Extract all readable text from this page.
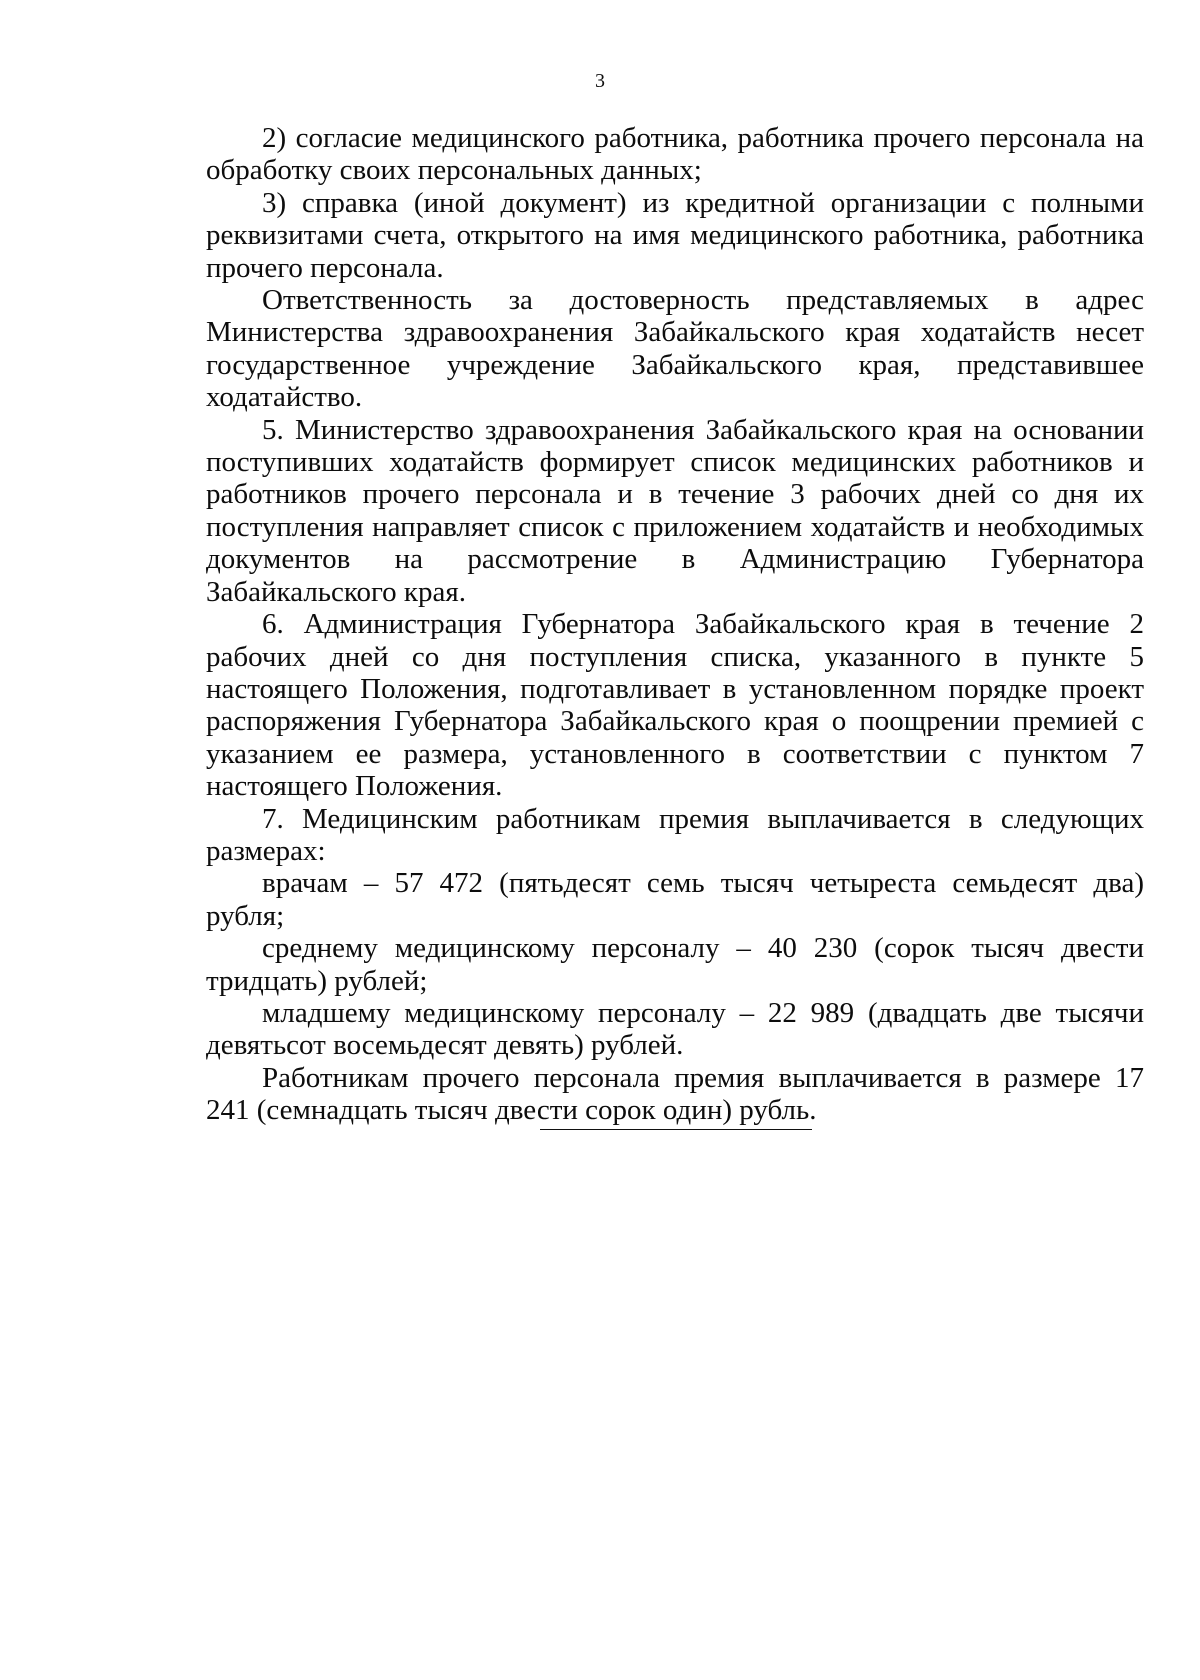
3

2) согласие медицинского работника, работника прочего персонала на обработку своих персональных данных;

3) справка (иной документ) из кредитной организации с полными реквизитами счета, открытого на имя медицинского работника, работника прочего персонала.

Ответственность за достоверность представляемых в адрес Министерства здравоохранения Забайкальского края ходатайств несет государственное учреждение Забайкальского края, представившее ходатайство.

5. Министерство здравоохранения Забайкальского края на основании поступивших ходатайств формирует список медицинских работников и работников прочего персонала и в течение 3 рабочих дней со дня их поступления направляет список с приложением ходатайств и необходимых документов на рассмотрение в Администрацию Губернатора Забайкальского края.

6. Администрация Губернатора Забайкальского края в течение 2 рабочих дней со дня поступления списка, указанного в пункте 5 настоящего Положения, подготавливает в установленном порядке проект распоряжения Губернатора Забайкальского края о поощрении премией с указанием ее размера, установленного в соответствии с пунктом 7 настоящего Положения.

7. Медицинским работникам премия выплачивается в следующих размерах:

врачам – 57 472 (пятьдесят семь тысяч четыреста семьдесят два) рубля;

среднему медицинскому персоналу – 40 230 (сорок тысяч двести тридцать) рублей;

младшему медицинскому персоналу – 22 989 (двадцать две тысячи девятьсот восемьдесят девять) рублей.

Работникам прочего персонала премия выплачивается в размере 17 241 (семнадцать тысяч двести сорок один) рубль.
